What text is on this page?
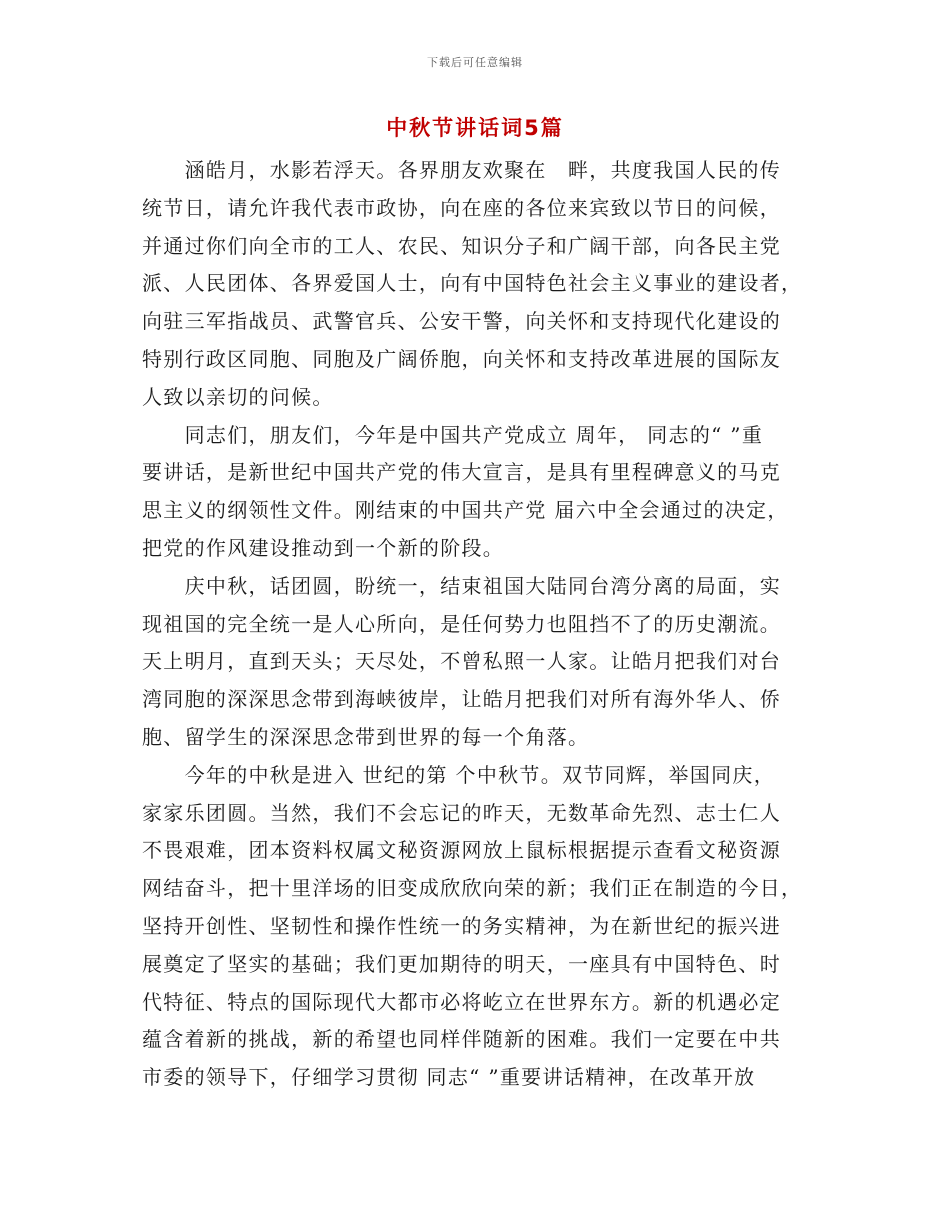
下载后可任意编辑
中秋节讲话词5篇

　　涵皓月，水影若浮天。各界朋友欢聚在　畔，共度我国人民的传
统节日，请允许我代表市政协，向在座的各位来宾致以节日的问候，
并通过你们向全市的工人、农民、知识分子和广阔干部，向各民主党
派、人民团体、各界爱国人士，向有中国特色社会主义事业的建设者，
向驻三军指战员、武警官兵、公安干警，向关怀和支持现代化建设的
特别行政区同胞、同胞及广阔侨胞，向关怀和支持改革进展的国际友
人致以亲切的问候。

　　同志们，朋友们，今年是中国共产党成立 周年， 同志的“ ”重
要讲话，是新世纪中国共产党的伟大宣言，是具有里程碑意义的马克
思主义的纲领性文件。刚结束的中国共产党 届六中全会通过的决定，
把党的作风建设推动到一个新的阶段。

　　庆中秋，话团圆，盼统一，结束祖国大陆同台湾分离的局面，实
现祖国的完全统一是人心所向，是任何势力也阻挡不了的历史潮流。
天上明月，直到天头；天尽处，不曾私照一人家。让皓月把我们对台
湾同胞的深深思念带到海峡彼岸，让皓月把我们对所有海外华人、侨
胞、留学生的深深思念带到世界的每一个角落。

　　今年的中秋是进入 世纪的第 个中秋节。双节同辉，举国同庆，
家家乐团圆。当然，我们不会忘记的昨天，无数革命先烈、志士仁人
不畏艰难，团本资料权属文秘资源网放上鼠标根据提示查看文秘资源
网结奋斗，把十里洋场的旧变成欣欣向荣的新；我们正在制造的今日，
坚持开创性、坚韧性和操作性统一的务实精神，为在新世纪的振兴进
展奠定了坚实的基础；我们更加期待的明天，一座具有中国特色、时
代特征、特点的国际现代大都市必将屹立在世界东方。新的机遇必定
蕴含着新的挑战，新的希望也同样伴随新的困难。我们一定要在中共
市委的领导下，仔细学习贯彻 同志“ ”重要讲话精神，在改革开放
